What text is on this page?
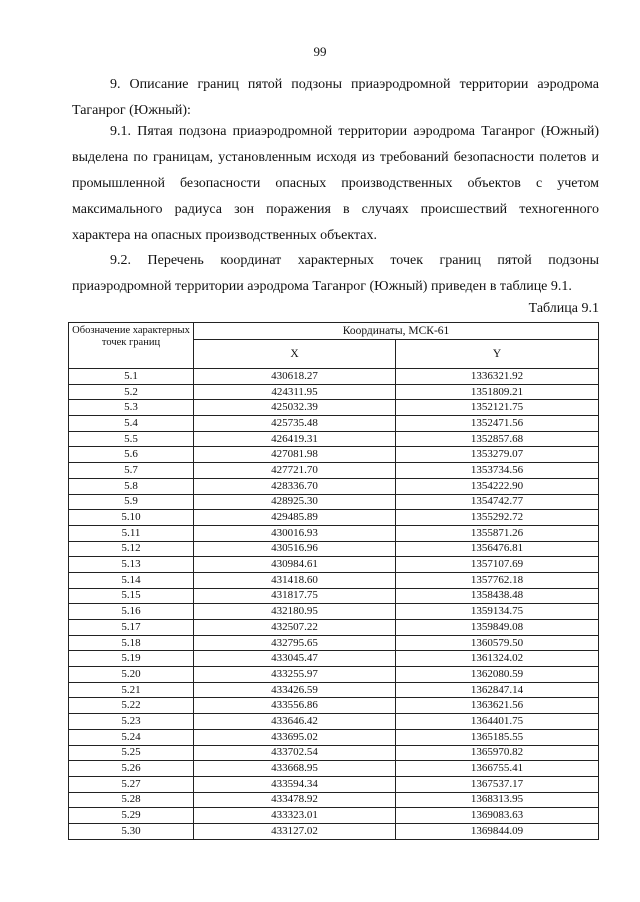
99
9. Описание границ пятой подзоны приаэродромной территории аэродрома Таганрог (Южный):
9.1. Пятая подзона приаэродромной территории аэродрома Таганрог (Южный) выделена по границам, установленным исходя из требований безопасности полетов и промышленной безопасности опасных производственных объектов с учетом максимального радиуса зон поражения в случаях происшествий техногенного характера на опасных производственных объектах.
9.2. Перечень координат характерных точек границ пятой подзоны приаэродромной территории аэродрома Таганрог (Южный) приведен в таблице 9.1.
Таблица 9.1
Обозначение характерных точек границ	Координаты, МСК-61	
	X	Y
5.1	430618.27	1336321.92
5.2	424311.95	1351809.21
5.3	425032.39	1352121.75
5.4	425735.48	1352471.56
5.5	426419.31	1352857.68
5.6	427081.98	1353279.07
5.7	427721.70	1353734.56
5.8	428336.70	1354222.90
5.9	428925.30	1354742.77
5.10	429485.89	1355292.72
5.11	430016.93	1355871.26
5.12	430516.96	1356476.81
5.13	430984.61	1357107.69
5.14	431418.60	1357762.18
5.15	431817.75	1358438.48
5.16	432180.95	1359134.75
5.17	432507.22	1359849.08
5.18	432795.65	1360579.50
5.19	433045.47	1361324.02
5.20	433255.97	1362080.59
5.21	433426.59	1362847.14
5.22	433556.86	1363621.56
5.23	433646.42	1364401.75
5.24	433695.02	1365185.55
5.25	433702.54	1365970.82
5.26	433668.95	1366755.41
5.27	433594.34	1367537.17
5.28	433478.92	1368313.95
5.29	433323.01	1369083.63
5.30	433127.02	1369844.09
